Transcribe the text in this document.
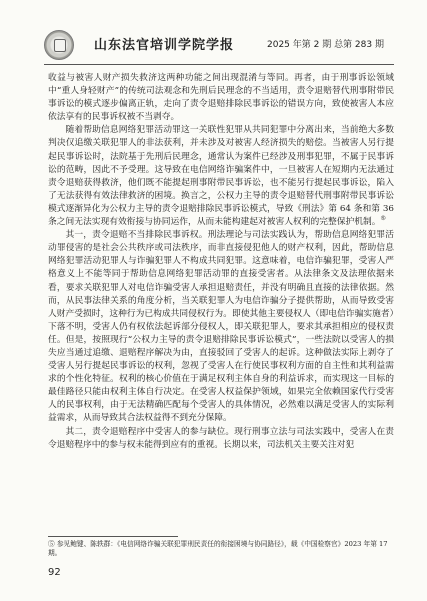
山东法官培训学院学报	2025 年第 2 期 总第 283 期

收益与被害人财产损失救济这两种功能之间出现混淆与等同。再者，由于刑事诉讼领域中“重人身轻财产”的传统司法观念和先刑后民理念的不当适用，责令退赔替代刑事附带民事诉讼的模式逐步偏离正轨，走向了责令退赔排除民事诉讼的错误方向，致使被害人本应依法享有的民事诉权被不当剥夺。

随着帮助信息网络犯罪活动罪这一关联性犯罪从共同犯罪中分离出来，当前绝大多数判决仅追缴关联犯罪人的非法获利，并未涉及对被害人经济损失的赔偿。当被害人另行提起民事诉讼时，法院基于先刑后民理念，通常认为案件已经涉及刑事犯罪，不属于民事诉讼的范畴，因此不予受理。这导致在电信网络诈骗案件中，一旦被害人在短期内无法通过责令退赔获得救济，他们既不能提起刑事附带民事诉讼，也不能另行提起民事诉讼，陷入了无法获得有效法律救济的困境。换言之，公权力主导的责令退赔替代刑事附带民事诉讼模式逐渐异化为公权力主导的责令退赔排除民事诉讼模式，导致《刑法》第 64 条和第 36 条之间无法实现有效衔接与协同运作，从而未能构建起对被害人权利的完整保护机制。⑤

其一，责令退赔不当排除民事诉权。刑法理论与司法实践认为，帮助信息网络犯罪活动罪侵害的是社会公共秩序或司法秩序，而非直接侵犯他人的财产权利，因此，帮助信息网络犯罪活动犯罪人与诈骗犯罪人不构成共同犯罪。这意味着，电信诈骗犯罪，受害人严格意义上不能等同于帮助信息网络犯罪活动罪的直接受害者。从法律条文及法理依据来看，要求关联犯罪人对电信诈骗受害人承担退赔责任，并没有明确且直接的法律依据。然而，从民事法律关系的角度分析，当关联犯罪人为电信诈骗分子提供帮助，从而导致受害人财产受损时，这种行为已构成共同侵权行为。即使其他主要侵权人（即电信诈骗实施者）下落不明，受害人仍有权依法起诉部分侵权人，即关联犯罪人，要求其承担相应的侵权责任。但是，按照现行“公权力主导的责令退赔排除民事诉讼模式”，一些法院以受害人的损失应当通过追缴、退赔程序解决为由，直接驳回了受害人的起诉。这种做法实际上剥夺了受害人另行提起民事诉讼的权利，忽视了受害人在行使民事权利方面的自主性和其利益需求的个性化特征。权利的核心价值在于满足权利主体自身的利益诉求，而实现这一目标的最佳路径只能由权利主体自行决定。在受害人权益保护领域，如果完全依赖国家代行受害人的民事权利，由于无法精确匹配每个受害人的具体情况，必然难以满足受害人的实际利益需求，从而导致其合法权益得不到充分保障。

其二，责令退赔程序中受害人的参与缺位。现行刑事立法与司法实践中，受害人在责令退赔程序中的参与权未能得到应有的重视。长期以来，司法机关主要关注对犯

⑤ 参见鲍键、陈轶群：《电信网络诈骗关联犯罪刑民责任的衔接困境与协同路径》，载《中国检察官》2023 年第 17 期。
92
